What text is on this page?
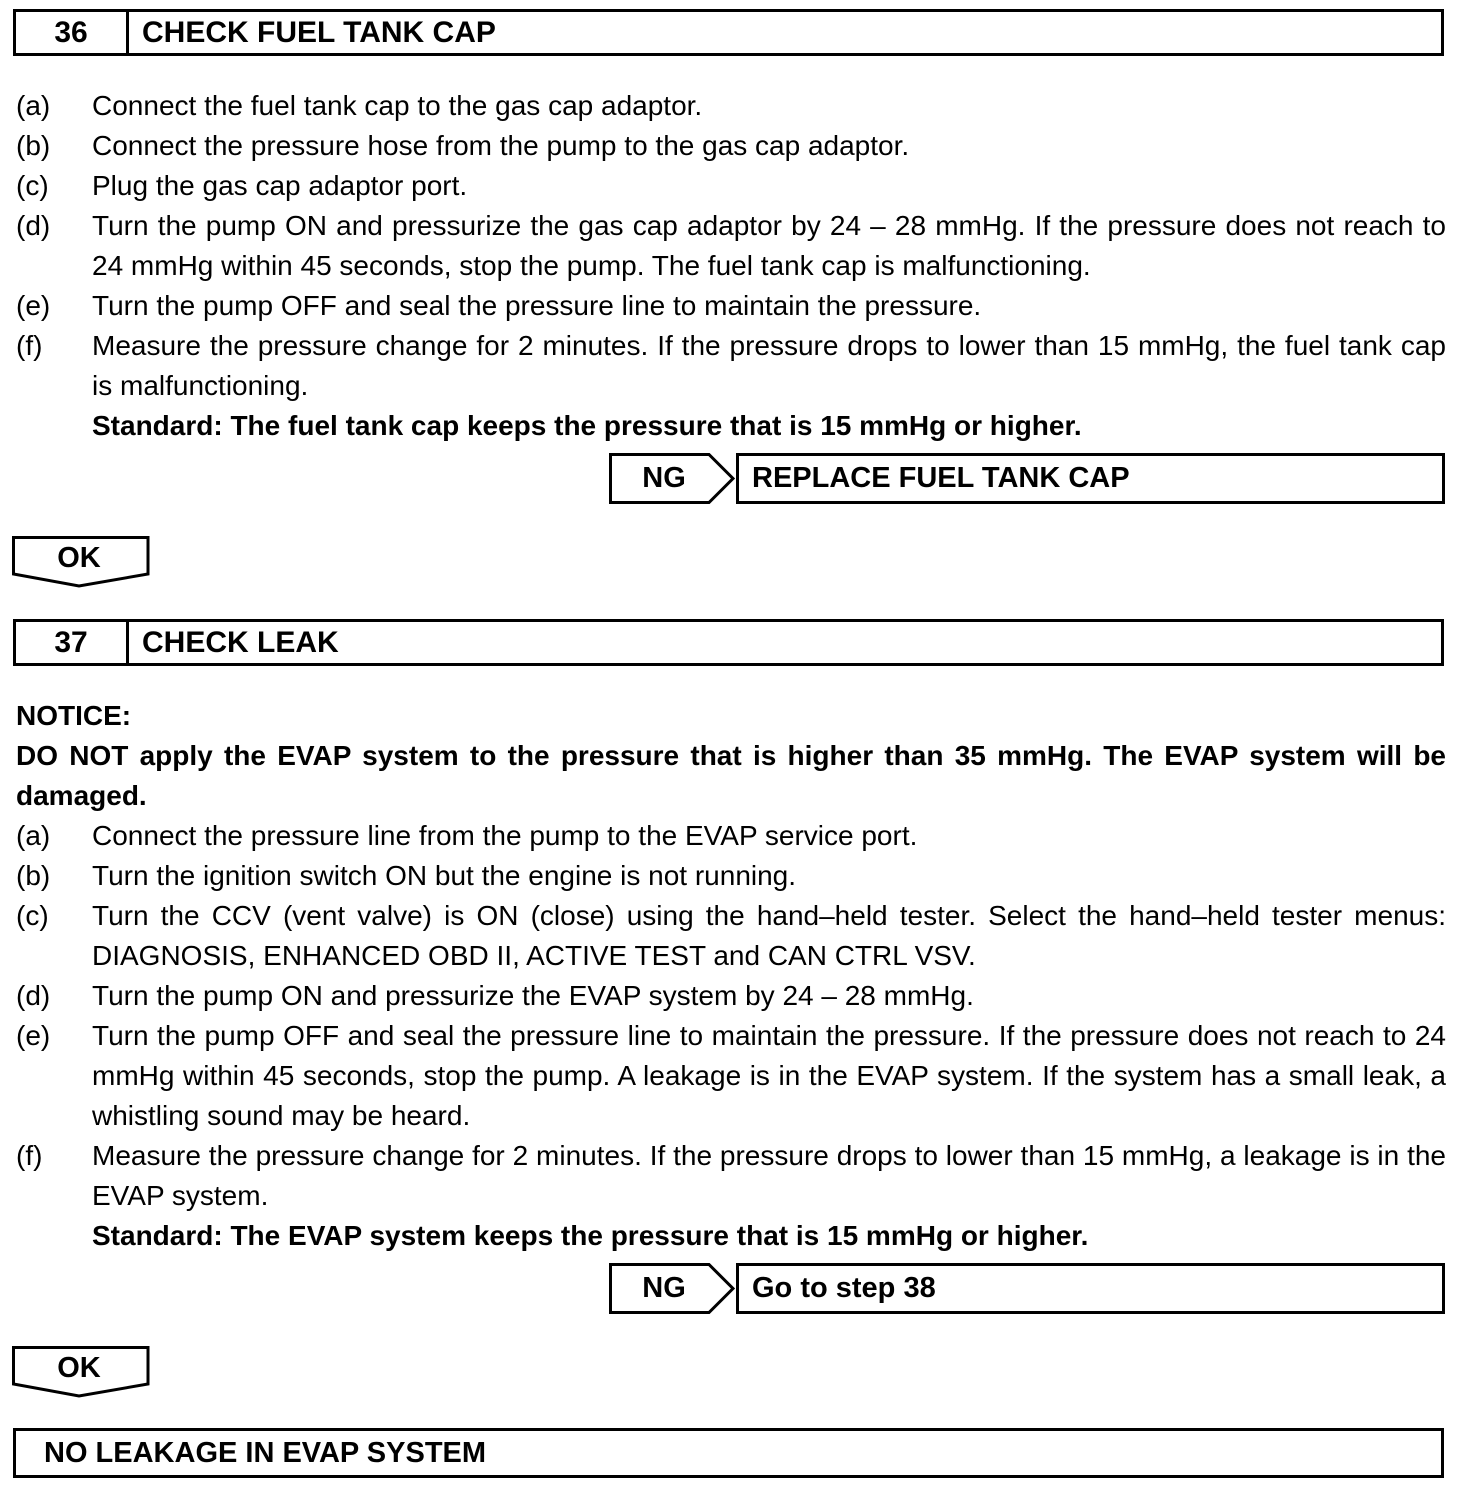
36	CHECK FUEL TANK CAP
(a) Connect the fuel tank cap to the gas cap adaptor.
(b) Connect the pressure hose from the pump to the gas cap adaptor.
(c) Plug the gas cap adaptor port.
(d) Turn the pump ON and pressurize the gas cap adaptor by 24 – 28 mmHg. If the pressure does not reach to 24 mmHg within 45 seconds, stop the pump. The fuel tank cap is malfunctioning.
(e) Turn the pump OFF and seal the pressure line to maintain the pressure.
(f) Measure the pressure change for 2 minutes. If the pressure drops to lower than 15 mmHg, the fuel tank cap is malfunctioning.
Standard: The fuel tank cap keeps the pressure that is 15 mmHg or higher.
NG	REPLACE FUEL TANK CAP
OK
37	CHECK LEAK
NOTICE:
DO NOT apply the EVAP system to the pressure that is higher than 35 mmHg. The EVAP system will be damaged.
(a) Connect the pressure line from the pump to the EVAP service port.
(b) Turn the ignition switch ON but the engine is not running.
(c) Turn the CCV (vent valve) is ON (close) using the hand–held tester. Select the hand–held tester menus: DIAGNOSIS, ENHANCED OBD II, ACTIVE TEST and CAN CTRL VSV.
(d) Turn the pump ON and pressurize the EVAP system by 24 – 28 mmHg.
(e) Turn the pump OFF and seal the pressure line to maintain the pressure. If the pressure does not reach to 24 mmHg within 45 seconds, stop the pump. A leakage is in the EVAP system. If the system has a small leak, a whistling sound may be heard.
(f) Measure the pressure change for 2 minutes. If the pressure drops to lower than 15 mmHg, a leakage is in the EVAP system.
Standard: The EVAP system keeps the pressure that is 15 mmHg or higher.
NG	Go to step 38
OK
NO LEAKAGE IN EVAP SYSTEM
